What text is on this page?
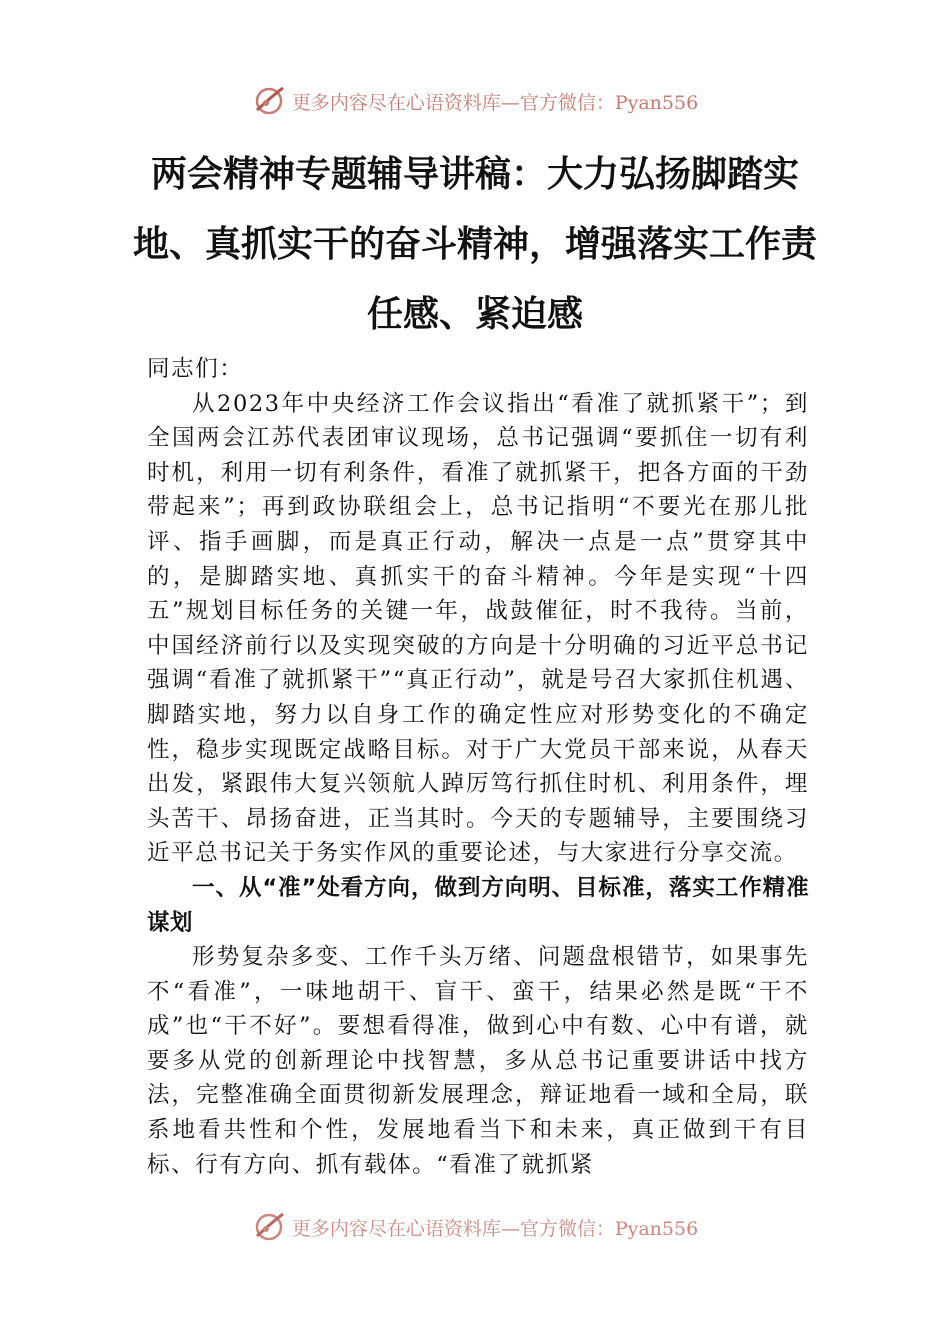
更多内容尽在心语资料库—官方微信：Pyan556
两会精神专题辅导讲稿：大力弘扬脚踏实地、真抓实干的奋斗精神，增强落实工作责任感、紧迫感

同志们：

从2023年中央经济工作会议指出“看准了就抓紧干”；到全国两会江苏代表团审议现场，总书记强调“要抓住一切有利时机，利用一切有利条件，看准了就抓紧干，把各方面的干劲带起来”；再到政协联组会上，总书记指明“不要光在那儿批评、指手画脚，而是真正行动，解决一点是一点”贯穿其中的，是脚踏实地、真抓实干的奋斗精神。今年是实现“十四五”规划目标任务的关键一年，战鼓催征，时不我待。当前，中国经济前行以及实现突破的方向是十分明确的习近平总书记强调“看准了就抓紧干”“真正行动”，就是号召大家抓住机遇、脚踏实地，努力以自身工作的确定性应对形势变化的不确定性，稳步实现既定战略目标。对于广大党员干部来说，从春天出发，紧跟伟大复兴领航人踔厉笃行抓住时机、利用条件，埋头苦干、昂扬奋进，正当其时。今天的专题辅导，主要围绕习近平总书记关于务实作风的重要论述，与大家进行分享交流。

一、从“准”处看方向，做到方向明、目标准，落实工作精准谋划

形势复杂多变、工作千头万绪、问题盘根错节，如果事先不“看准”，一味地胡干、盲干、蛮干，结果必然是既“干不成”也“干不好”。要想看得准，做到心中有数、心中有谱，就要多从党的创新理论中找智慧，多从总书记重要讲话中找方法，完整准确全面贯彻新发展理念，辩证地看一域和全局，联系地看共性和个性，发展地看当下和未来，真正做到干有目标、行有方向、抓有载体。“看准了就抓紧

更多内容尽在心语资料库—官方微信：Pyan556
